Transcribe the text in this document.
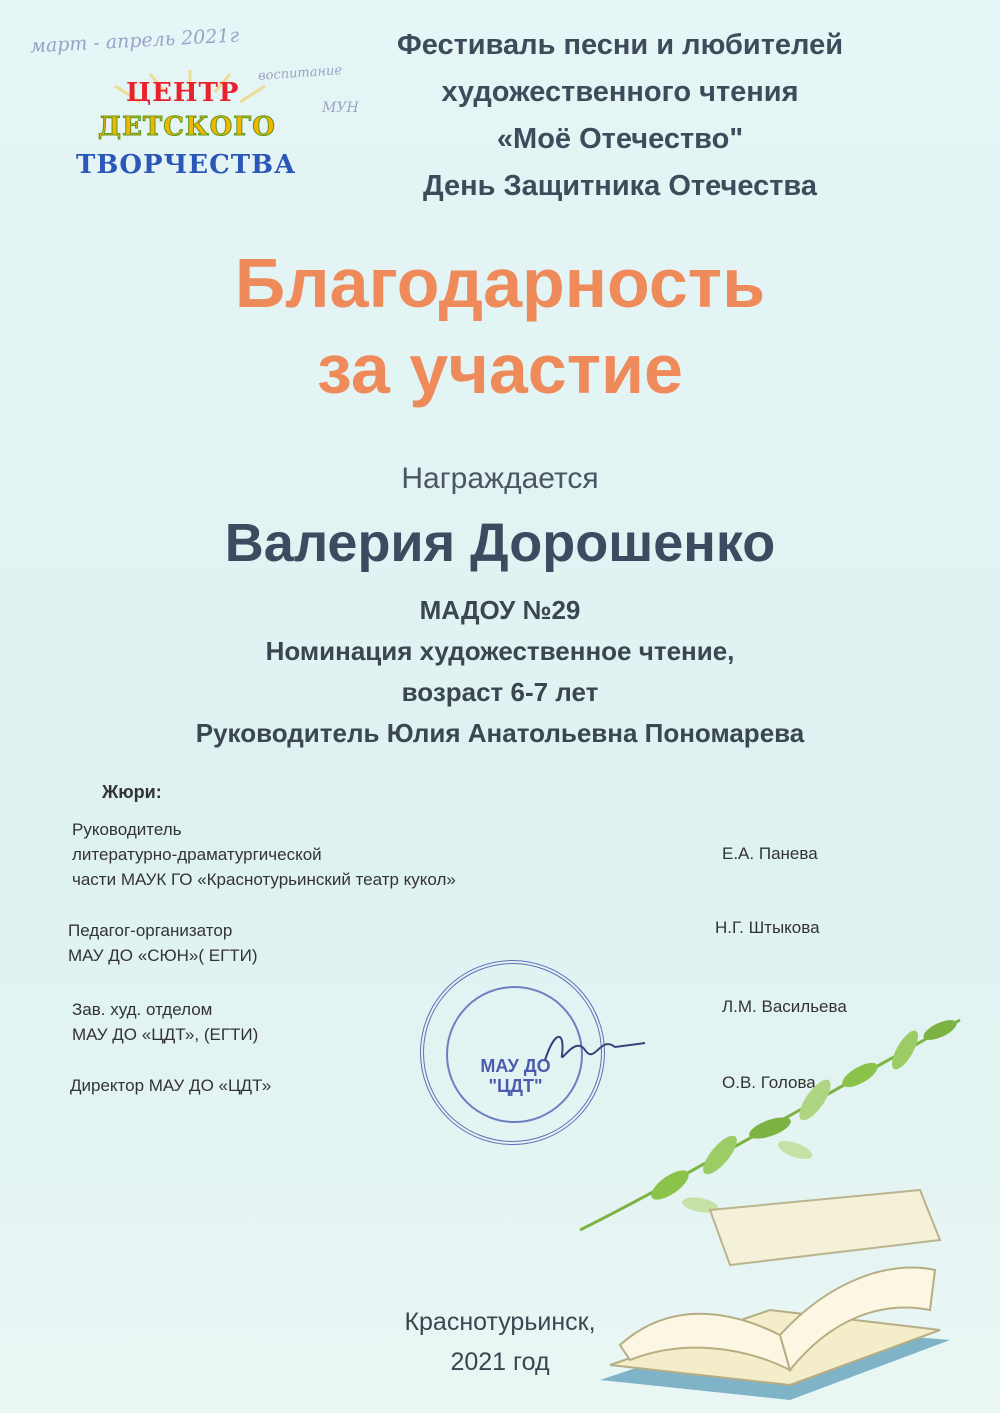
март - апрель 2021г
воспитание
МУН
ЦЕНТР
ДЕТСКОГО
ТВОРЧЕСТВА
Фестиваль песни и любителей
художественного чтения
«Моё Отечество"
День Защитника Отечества
Благодарность
за участие
Награждается
Валерия Дорошенко
МАДОУ №29
Номинация художественное чтение,
возраст 6-7 лет
Руководитель Юлия Анатольевна Пономарева
Жюри:
Руководитель
литературно-драматургической
части МАУК ГО «Краснотурьинский театр кукол»
Е.А. Панева
Педагог-организатор
МАУ ДО «СЮН»( ЕГТИ)
Н.Г. Штыкова
Зав. худ. отделом
МАУ ДО «ЦДТ», (ЕГТИ)
Л.М. Васильева
Директор МАУ ДО «ЦДТ»	О.В. Голова
МАУ ДО
"ЦДТ"
Краснотурьинск,
2021 год
